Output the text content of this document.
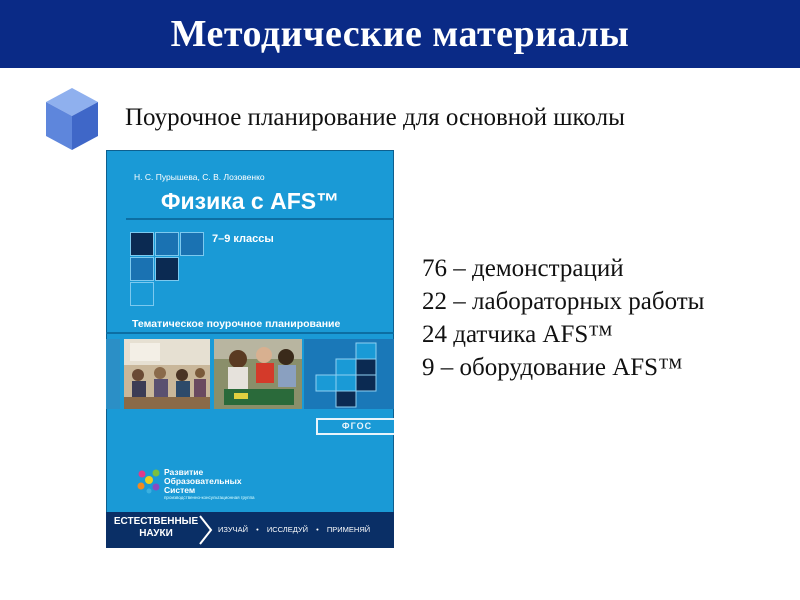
Методические материалы
Поурочное планирование для основной школы
Н. С. Пурышева, С. В. Лозовенко
Физика с AFS™
7–9 классы
Тематическое поурочное планирование
ФГОС
Развитие
Образовательных
Систем
производственно-консультационная группа
ЕСТЕСТВЕННЫЕ
НАУКИ	ИЗУЧАЙ • ИССЛЕДУЙ • ПРИМЕНЯЙ
76 – демонстраций
22 – лабораторных работы
24 датчика AFS™
9 – оборудование AFS™
